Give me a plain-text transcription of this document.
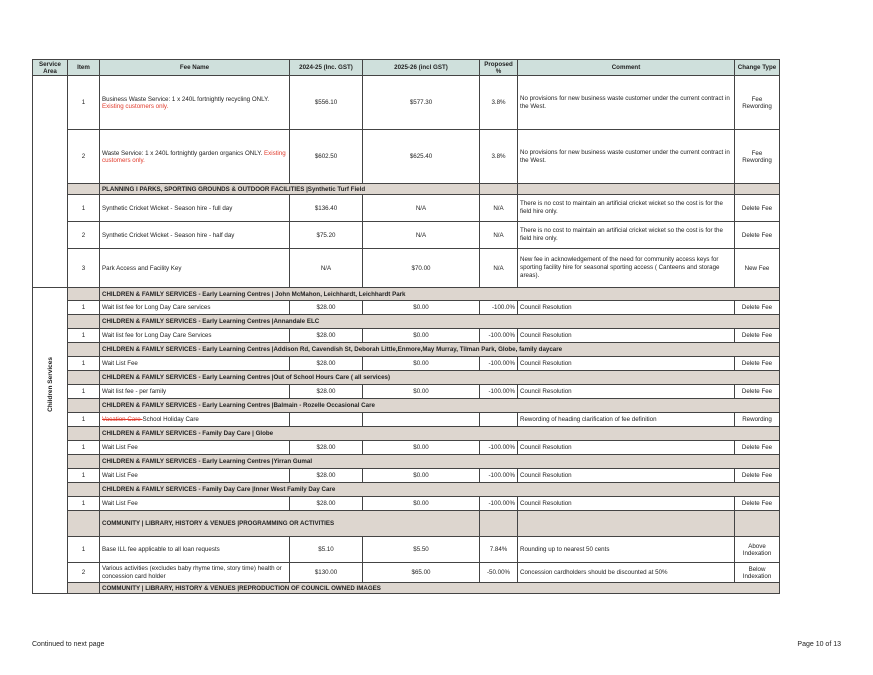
Service Area	Item	Fee Name	2024-25 (Inc. GST)	2025-26 (incl GST)	Proposed %	Comment	Change Type
	1	Business Waste Service: 1 x 240L fortnightly recycling ONLY. Existing customers only.	$556.10	$577.30	3.8%	No provisions for new business waste customer under the current contract in the West.	Fee Rewording
	2	Waste Service: 1 x 240L fortnightly garden organics ONLY. Existing customers only.	$602.50	$625.40	3.8%	No provisions for new business waste customer under the current contract in the West.	Fee Rewording
		PLANNING I PARKS, SPORTING GROUNDS & OUTDOOR FACILITIES |Synthetic Turf Field					
	1	Synthetic Cricket Wicket - Season hire - full day	$136.40	N/A	N/A	There is no cost to maintain an artificial cricket wicket so the cost is for the field hire only.	Delete Fee
	2	Synthetic Cricket Wicket - Season hire - half day	$75.20	N/A	N/A	There is no cost to maintain an artificial cricket wicket so the cost is for the field hire only.	Delete Fee
	3	Park Access and Facility Key	N/A	$70.00	N/A	New fee in acknowledgement of the need for community access keys for sporting facility hire for seasonal sporting access ( Canteens and storage areas).	New Fee
Children Services		CHILDREN & FAMILY SERVICES - Early Learning Centres | John McMahon, Leichhardt, Leichhardt Park					
	1	Wait list fee for Long Day Care services	$28.00	$0.00	-100.0%	Council Resolution	Delete Fee
		CHILDREN & FAMILY SERVICES - Early Learning Centres |Annandale ELC					
	1	Wait list fee for Long Day Care Services	$28.00	$0.00	-100.00%	Council Resolution	Delete Fee
		CHILDREN & FAMILY SERVICES - Early Learning Centres |Addison Rd, Cavendish St, Deborah Little,Enmore,May Murray, Tilman Park, Globe, family daycare					
	1	Wait List Fee	$28.00	$0.00	-100.00%	Council Resolution	Delete Fee
		CHILDREN & FAMILY SERVICES - Early Learning Centres |Out of School Hours Care ( all services)					
	1	Wait list fee - per family	$28.00	$0.00	-100.00%	Council Resolution	Delete Fee
		CHILDREN & FAMILY SERVICES - Early Learning Centres |Balmain - Rozelle Occasional Care					
	1	Vacation Care School Holiday Care				Rewording of heading clarification of fee definition	Rewording
		CHILDREN & FAMILY SERVICES - Family Day Care | Globe					
	1	Wait List Fee	$28.00	$0.00	-100.00%	Council Resolution	Delete Fee
		CHILDREN & FAMILY SERVICES - Early Learning Centres |Yirran Gumal					
	1	Wait List Fee	$28.00	$0.00	-100.00%	Council Resolution	Delete Fee
		CHILDREN & FAMILY SERVICES - Family Day Care |Inner West Family Day Care					
	1	Wait List Fee	$28.00	$0.00	-100.00%	Council Resolution	Delete Fee
		COMMUNITY | LIBRARY, HISTORY & VENUES |PROGRAMMING OR ACTIVITIES					
	1	Base ILL fee applicable to all loan requests	$5.10	$5.50	7.84%	Rounding up to nearest 50 cents	Above Indexation
	2	Various activities (excludes baby rhyme time, story time) health or concession card holder	$130.00	$65.00	-50.00%	Concession cardholders should be discounted at 50%	Below Indexation
		COMMUNITY | LIBRARY, HISTORY & VENUES |REPRODUCTION OF COUNCIL OWNED IMAGES					
Continued to next page	Page 10 of 13
